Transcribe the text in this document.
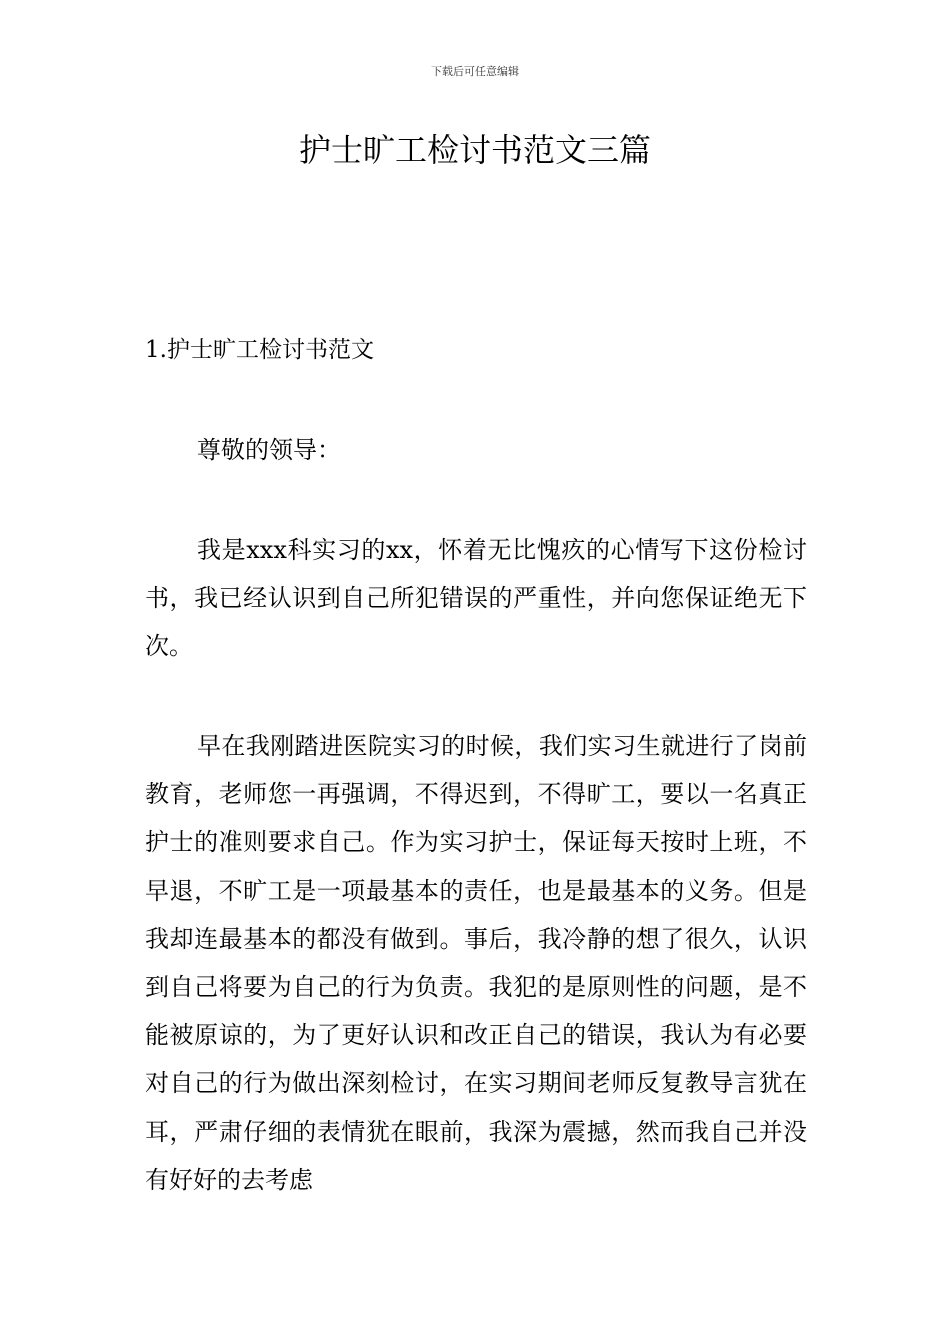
下载后可任意编辑
护士旷工检讨书范文三篇

1.护士旷工检讨书范文

尊敬的领导：

我是xxx科实习的xx，怀着无比愧疚的心情写下这份检讨书，我已经认识到自己所犯错误的严重性，并向您保证绝无下次。

早在我刚踏进医院实习的时候，我们实习生就进行了岗前教育，老师您一再强调，不得迟到，不得旷工，要以一名真正护士的准则要求自己。作为实习护士，保证每天按时上班，不早退，不旷工是一项最基本的责任，也是最基本的义务。但是我却连最基本的都没有做到。事后，我冷静的想了很久，认识到自己将要为自己的行为负责。我犯的是原则性的问题，是不能被原谅的，为了更好认识和改正自己的错误，我认为有必要对自己的行为做出深刻检讨，在实习期间老师反复教导言犹在耳，严肃仔细的表情犹在眼前，我深为震撼，然而我自己并没有好好的去考虑
